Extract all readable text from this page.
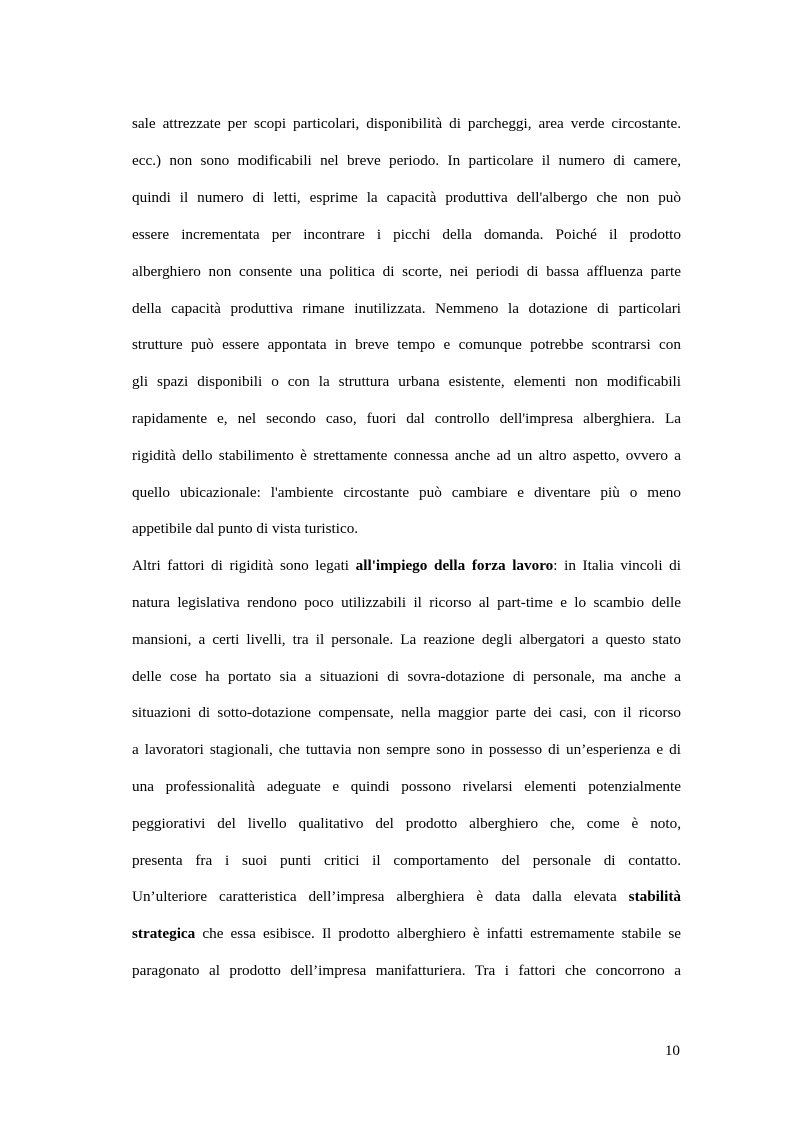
sale attrezzate per scopi particolari, disponibilità di parcheggi, area verde circostante.
ecc.) non sono modificabili nel breve periodo. In particolare il numero di camere,
quindi il numero di letti, esprime la capacità produttiva dell'albergo che non può
essere incrementata per incontrare i picchi della domanda. Poiché il prodotto
alberghiero non consente una politica di scorte, nei periodi di bassa affluenza parte
della capacità produttiva rimane inutilizzata. Nemmeno la dotazione di particolari
strutture può essere appontata in breve tempo e comunque potrebbe scontrarsi con
gli spazi disponibili o con la struttura urbana esistente, elementi non modificabili
rapidamente e, nel secondo caso, fuori dal controllo dell'impresa alberghiera. La
rigidità dello stabilimento è strettamente connessa anche ad un altro aspetto, ovvero a
quello ubicazionale: l'ambiente circostante può cambiare e diventare più o meno
appetibile dal punto di vista turistico.
Altri fattori di rigidità sono legati all'impiego della forza lavoro: in Italia vincoli di
natura legislativa rendono poco utilizzabili il ricorso al part-time e lo scambio delle
mansioni, a certi livelli, tra il personale. La reazione degli albergatori a questo stato
delle cose ha portato sia a situazioni di sovra-dotazione di personale, ma anche a
situazioni di sotto-dotazione compensate, nella maggior parte dei casi, con il ricorso
a lavoratori stagionali, che tuttavia non sempre sono in possesso di un’esperienza e di
una professionalità adeguate e quindi possono rivelarsi elementi potenzialmente
peggiorativi del livello qualitativo del prodotto alberghiero che, come è noto,
presenta fra i suoi punti critici il comportamento del personale di contatto.
Un’ulteriore caratteristica dell’impresa alberghiera è data dalla elevata stabilità
strategica che essa esibisce. Il prodotto alberghiero è infatti estremamente stabile se
paragonato al prodotto dell’impresa manifatturiera. Tra i fattori che concorrono a
10
